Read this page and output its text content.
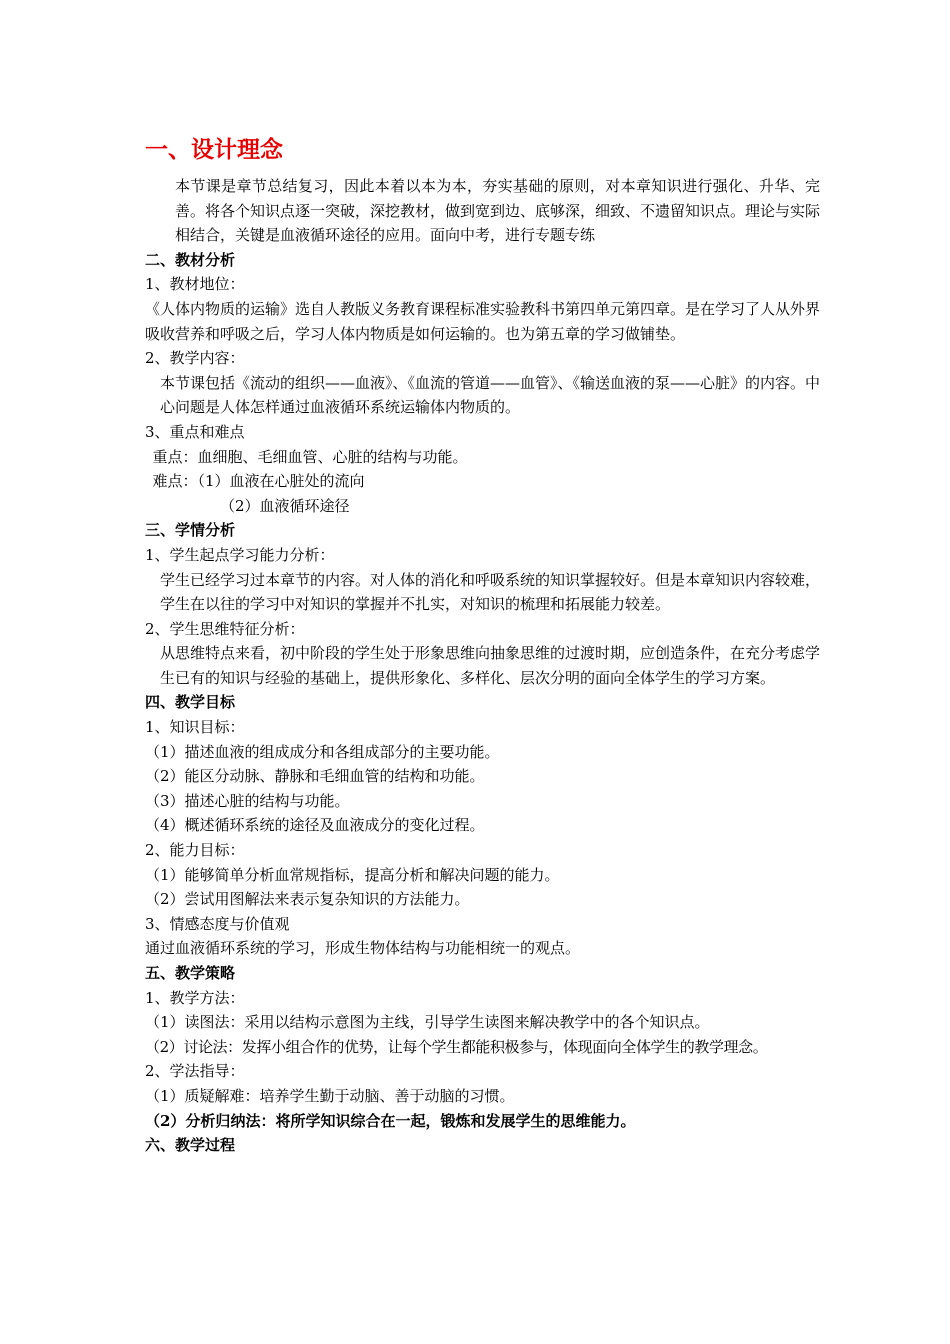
一、设计理念
本节课是章节总结复习，因此本着以本为本，夯实基础的原则，对本章知识进行强化、升华、完善。将各个知识点逐一突破，深挖教材，做到宽到边、底够深，细致、不遗留知识点。理论与实际相结合，关键是血液循环途径的应用。面向中考，进行专题专练
二、教材分析
1、教材地位：
《人体内物质的运输》选自人教版义务教育课程标准实验教科书第四单元第四章。是在学习了人从外界吸收营养和呼吸之后，学习人体内物质是如何运输的。也为第五章的学习做铺垫。
2、教学内容：
本节课包括《流动的组织——血液》、《血流的管道——血管》、《输送血液的泵——心脏》的内容。中心问题是人体怎样通过血液循环系统运输体内物质的。
3、重点和难点
重点：血细胞、毛细血管、心脏的结构与功能。
难点：（1）血液在心脏处的流向
（2）血液循环途径
三、学情分析
1、学生起点学习能力分析：
学生已经学习过本章节的内容。对人体的消化和呼吸系统的知识掌握较好。但是本章知识内容较难，学生在以往的学习中对知识的掌握并不扎实，对知识的梳理和拓展能力较差。
2、学生思维特征分析：
从思维特点来看，初中阶段的学生处于形象思维向抽象思维的过渡时期，应创造条件，在充分考虑学生已有的知识与经验的基础上，提供形象化、多样化、层次分明的面向全体学生的学习方案。
四、教学目标
1、知识目标：
（1）描述血液的组成成分和各组成部分的主要功能。
（2）能区分动脉、静脉和毛细血管的结构和功能。
（3）描述心脏的结构与功能。
（4）概述循环系统的途径及血液成分的变化过程。
2、能力目标：
（1）能够简单分析血常规指标，提高分析和解决问题的能力。
（2）尝试用图解法来表示复杂知识的方法能力。
3、情感态度与价值观
通过血液循环系统的学习，形成生物体结构与功能相统一的观点。
五、教学策略
1、教学方法：
（1）读图法：采用以结构示意图为主线，引导学生读图来解决教学中的各个知识点。
（2）讨论法：发挥小组合作的优势，让每个学生都能积极参与，体现面向全体学生的教学理念。
2、学法指导：
（1）质疑解难：培养学生勤于动脑、善于动脑的习惯。
（2）分析归纳法：将所学知识综合在一起，锻炼和发展学生的思维能力。
六、教学过程
